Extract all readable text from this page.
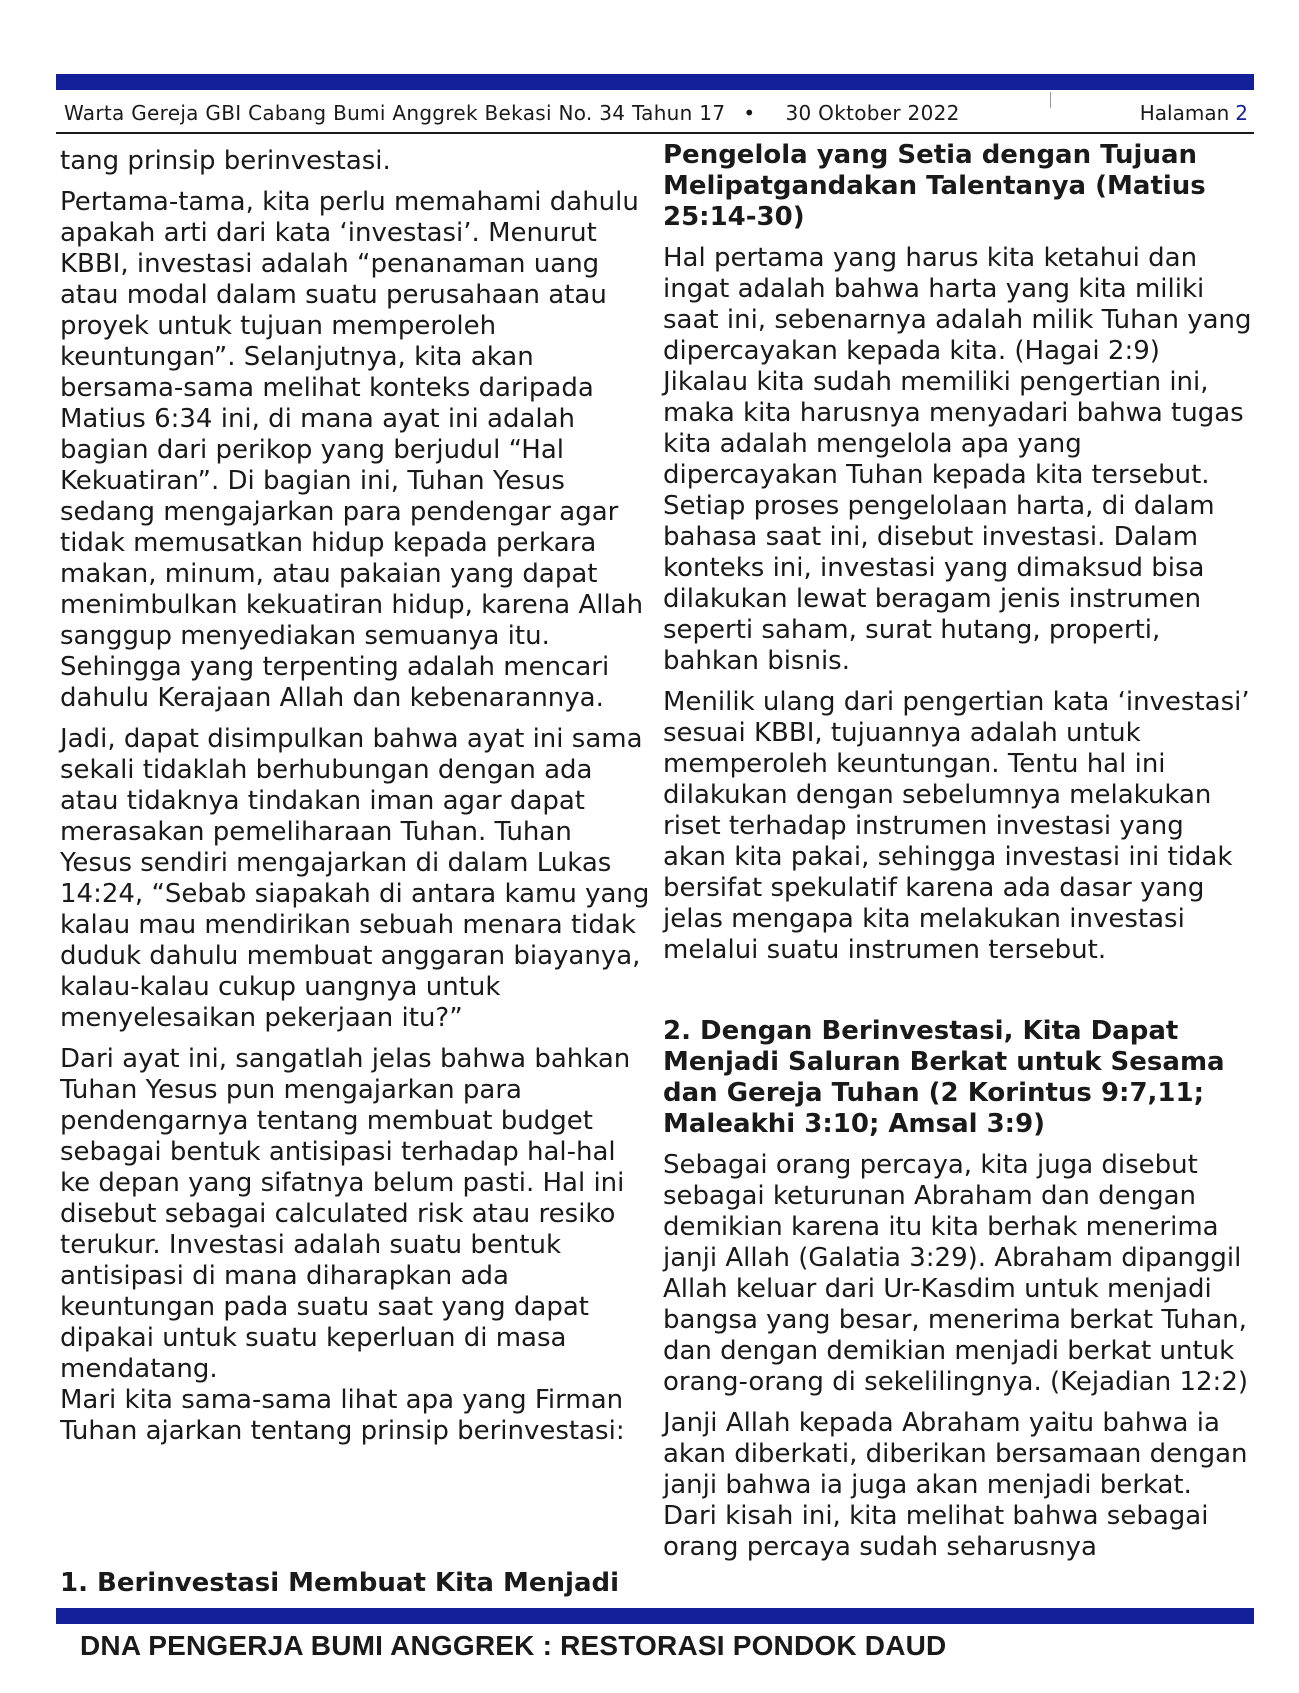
Warta Gereja GBI Cabang Bumi Anggrek Bekasi No. 34 Tahun 17 • 30 Oktober 2022	Halaman 2

tang prinsip berinvestasi.

Pertama-tama, kita perlu memahami dahulu apakah arti dari kata ‘investasi’. Menurut KBBI, investasi adalah “penanaman uang atau modal dalam suatu perusahaan atau proyek untuk tujuan memperoleh keuntungan”. Selanjutnya, kita akan bersama-sama melihat konteks daripada Matius 6:34 ini, di mana ayat ini adalah bagian dari perikop yang berjudul “Hal Kekuatiran”. Di bagian ini, Tuhan Yesus sedang mengajarkan para pendengar agar tidak memusatkan hidup kepada perkara makan, minum, atau pakaian yang dapat menimbulkan kekuatiran hidup, karena Allah sanggup menyediakan semuanya itu. Sehingga yang terpenting adalah mencari dahulu Kerajaan Allah dan kebenarannya.

Jadi, dapat disimpulkan bahwa ayat ini sama sekali tidaklah berhubungan dengan ada atau tidaknya tindakan iman agar dapat merasakan pemeliharaan Tuhan. Tuhan Yesus sendiri mengajarkan di dalam Lukas 14:24, “Sebab siapakah di antara kamu yang kalau mau mendirikan sebuah menara tidak duduk dahulu membuat anggaran biayanya, kalau-kalau cukup uangnya untuk menyelesaikan pekerjaan itu?”

Dari ayat ini, sangatlah jelas bahwa bahkan Tuhan Yesus pun mengajarkan para pendengarnya tentang membuat budget sebagai bentuk antisipasi terhadap hal-hal ke depan yang sifatnya belum pasti. Hal ini disebut sebagai calculated risk atau resiko terukur. Investasi adalah suatu bentuk antisipasi di mana diharapkan ada keuntungan pada suatu saat yang dapat dipakai untuk suatu keperluan di masa mendatang.

Mari kita sama-sama lihat apa yang Firman Tuhan ajarkan tentang prinsip berinvestasi:

1. Berinvestasi Membuat Kita Menjadi
Pengelola yang Setia dengan Tujuan Melipatgandakan Talentanya (Matius 25:14-30)

Hal pertama yang harus kita ketahui dan ingat adalah bahwa harta yang kita miliki saat ini, sebenarnya adalah milik Tuhan yang dipercayakan kepada kita. (Hagai 2:9) Jikalau kita sudah memiliki pengertian ini, maka kita harusnya menyadari bahwa tugas kita adalah mengelola apa yang dipercayakan Tuhan kepada kita tersebut. Setiap proses pengelolaan harta, di dalam bahasa saat ini, disebut investasi. Dalam konteks ini, investasi yang dimaksud bisa dilakukan lewat beragam jenis instrumen seperti saham, surat hutang, properti, bahkan bisnis.

Menilik ulang dari pengertian kata ‘investasi’ sesuai KBBI, tujuannya adalah untuk memperoleh keuntungan. Tentu hal ini dilakukan dengan sebelumnya melakukan riset terhadap instrumen investasi yang akan kita pakai, sehingga investasi ini tidak bersifat spekulatif karena ada dasar yang jelas mengapa kita melakukan investasi melalui suatu instrumen tersebut.

2. Dengan Berinvestasi, Kita Dapat Menjadi Saluran Berkat untuk Sesama dan Gereja Tuhan (2 Korintus 9:7,11; Maleakhi 3:10; Amsal 3:9)

Sebagai orang percaya, kita juga disebut sebagai keturunan Abraham dan dengan demikian karena itu kita berhak menerima janji Allah (Galatia 3:29). Abraham dipanggil Allah keluar dari Ur-Kasdim untuk menjadi bangsa yang besar, menerima berkat Tuhan, dan dengan demikian menjadi berkat untuk orang-orang di sekelilingnya. (Kejadian 12:2)

Janji Allah kepada Abraham yaitu bahwa ia akan diberkati, diberikan bersamaan dengan janji bahwa ia juga akan menjadi berkat. Dari kisah ini, kita melihat bahwa sebagai orang percaya sudah seharusnya

DNA PENGERJA BUMI ANGGREK : RESTORASI PONDOK DAUD
